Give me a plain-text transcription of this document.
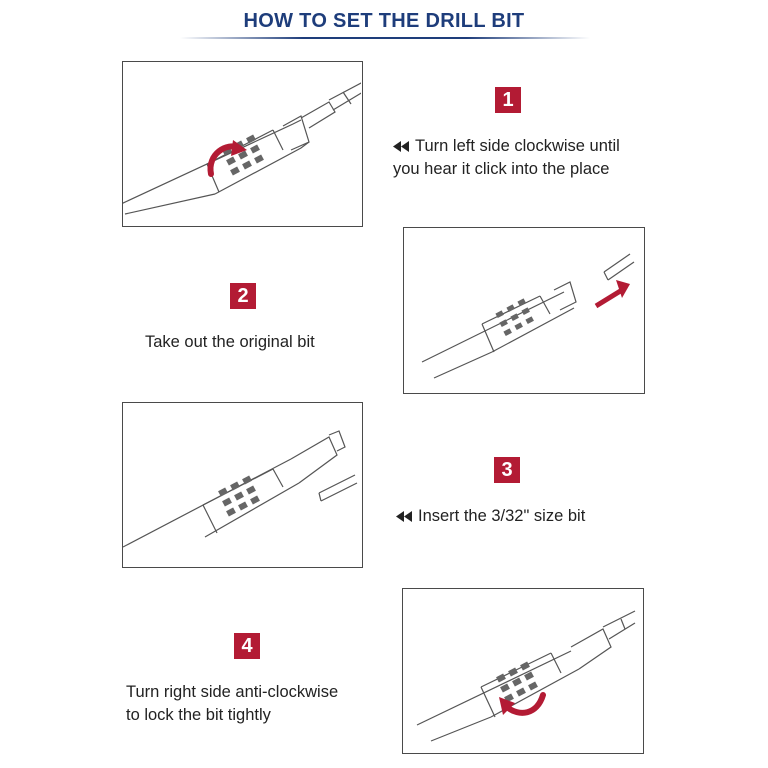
HOW TO SET THE DRILL BIT
1
Turn left side clockwise until
you hear it click into the place
2
Take out the original bit
3
Insert the 3/32" size bit
4
Turn right side anti-clockwise
to lock the bit tightly
